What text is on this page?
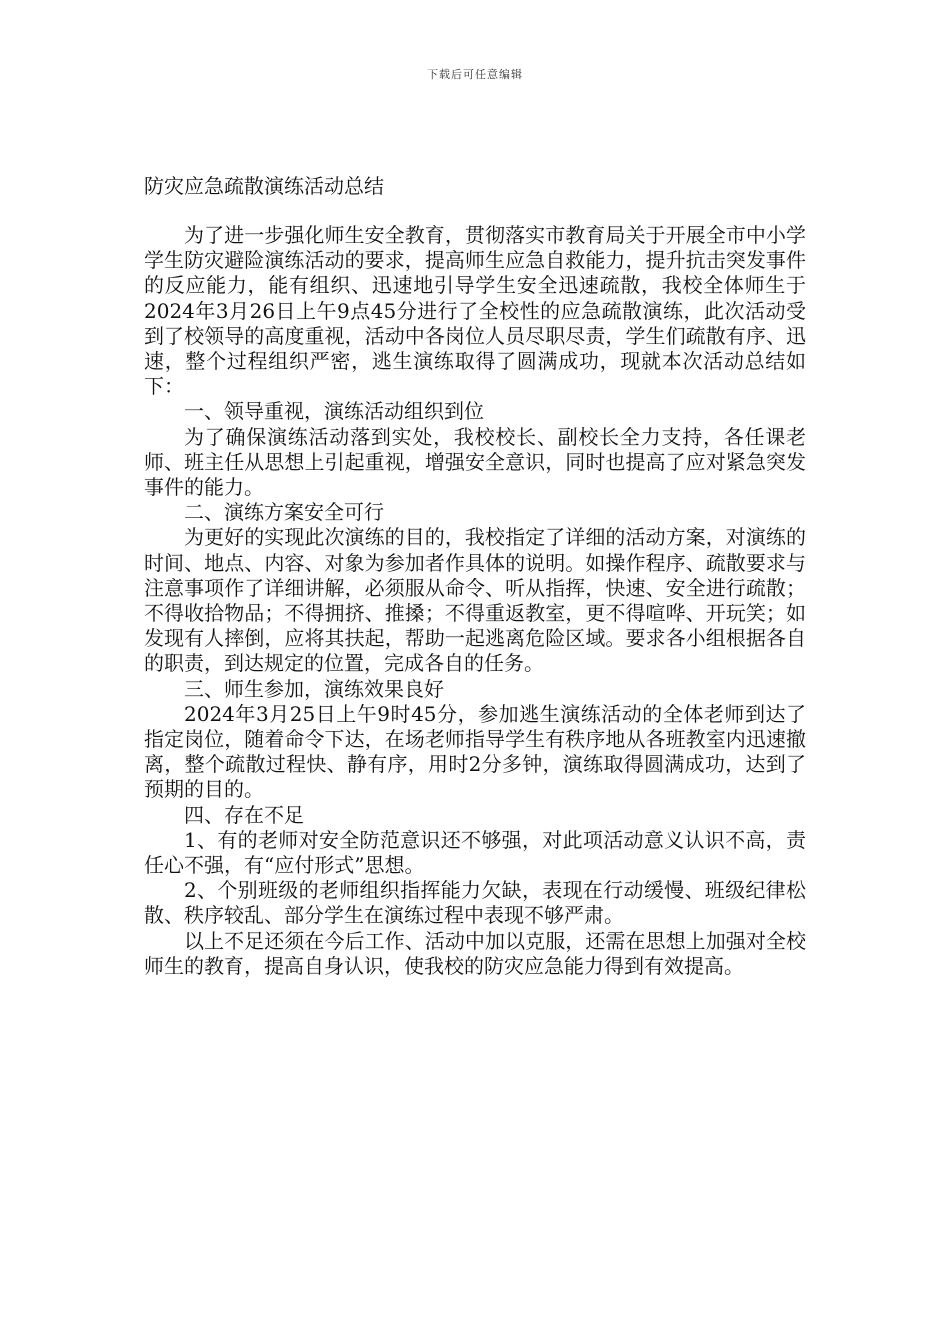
下载后可任意编辑
防灾应急疏散演练活动总结

为了进一步强化师生安全教育，贯彻落实市教育局关于开展全市中小学学生防灾避险演练活动的要求，提高师生应急自救能力，提升抗击突发事件的反应能力，能有组织、迅速地引导学生安全迅速疏散，我校全体师生于2024年3月26日上午9点45分进行了全校性的应急疏散演练，此次活动受到了校领导的高度重视，活动中各岗位人员尽职尽责，学生们疏散有序、迅速，整个过程组织严密，逃生演练取得了圆满成功，现就本次活动总结如下：

一、领导重视，演练活动组织到位

为了确保演练活动落到实处，我校校长、副校长全力支持，各任课老师、班主任从思想上引起重视，增强安全意识，同时也提高了应对紧急突发事件的能力。

二、演练方案安全可行

为更好的实现此次演练的目的，我校指定了详细的活动方案，对演练的时间、地点、内容、对象为参加者作具体的说明。如操作程序、疏散要求与注意事项作了详细讲解，必须服从命令、听从指挥，快速、安全进行疏散；不得收拾物品；不得拥挤、推搡；不得重返教室，更不得喧哗、开玩笑；如发现有人摔倒，应将其扶起，帮助一起逃离危险区域。要求各小组根据各自的职责，到达规定的位置，完成各自的任务。

三、师生参加，演练效果良好

2024年3月25日上午9时45分，参加逃生演练活动的全体老师到达了指定岗位，随着命令下达，在场老师指导学生有秩序地从各班教室内迅速撤离，整个疏散过程快、静有序，用时2分多钟，演练取得圆满成功，达到了预期的目的。

四、存在不足

1、有的老师对安全防范意识还不够强，对此项活动意义认识不高，责任心不强，有“应付形式”思想。

2、个别班级的老师组织指挥能力欠缺，表现在行动缓慢、班级纪律松散、秩序较乱、部分学生在演练过程中表现不够严肃。

以上不足还须在今后工作、活动中加以克服，还需在思想上加强对全校师生的教育，提高自身认识，使我校的防灾应急能力得到有效提高。
